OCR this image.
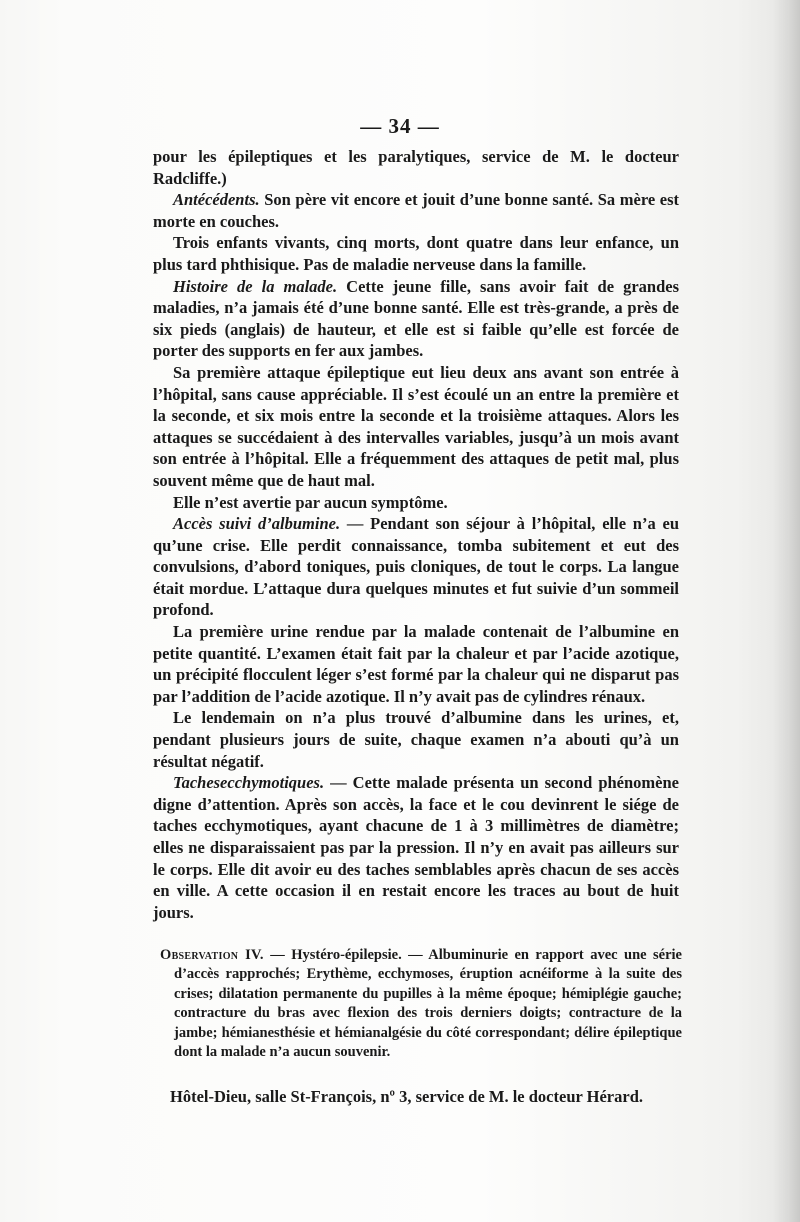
— 34 —

pour les épileptiques et les paralytiques, service de M. le docteur Radcliffe.)

Antécédents. Son père vit encore et jouit d’une bonne santé. Sa mère est morte en couches.

Trois enfants vivants, cinq morts, dont quatre dans leur enfance, un plus tard phthisique. Pas de maladie nerveuse dans la famille.

Histoire de la malade. Cette jeune fille, sans avoir fait de grandes maladies, n’a jamais été d’une bonne santé. Elle est très-grande, a près de six pieds (anglais) de hauteur, et elle est si faible qu’elle est forcée de porter des supports en fer aux jambes.

Sa première attaque épileptique eut lieu deux ans avant son entrée à l’hôpital, sans cause appréciable. Il s’est écoulé un an entre la première et la seconde, et six mois entre la seconde et la troisième attaques. Alors les attaques se succédaient à des intervalles variables, jusqu’à un mois avant son entrée à l’hôpital. Elle a fréquemment des attaques de petit mal, plus souvent même que de haut mal.

Elle n’est avertie par aucun symptôme.

Accès suivi d’albumine. — Pendant son séjour à l’hôpital, elle n’a eu qu’une crise. Elle perdit connaissance, tomba subitement et eut des convulsions, d’abord toniques, puis cloniques, de tout le corps. La langue était mordue. L’attaque dura quelques minutes et fut suivie d’un sommeil profond.

La première urine rendue par la malade contenait de l’albumine en petite quantité. L’examen était fait par la chaleur et par l’acide azotique, un précipité flocculent léger s’est formé par la chaleur qui ne disparut pas par l’addition de l’acide azotique. Il n’y avait pas de cylindres rénaux.

Le lendemain on n’a plus trouvé d’albumine dans les urines, et, pendant plusieurs jours de suite, chaque examen n’a abouti qu’à un résultat négatif.

Tachesecchymotiques. — Cette malade présenta un second phénomène digne d’attention. Après son accès, la face et le cou devinrent le siége de taches ecchymotiques, ayant chacune de 1 à 3 millimètres de diamètre; elles ne disparaissaient pas par la pression. Il n’y en avait pas ailleurs sur le corps. Elle dit avoir eu des taches semblables après chacun de ses accès en ville. A cette occasion il en restait encore les traces au bout de huit jours.

Observation IV. — Hystéro-épilepsie. — Albuminurie en rapport avec une série d’accès rapprochés; Erythème, ecchymoses, éruption acnéiforme à la suite des crises; dilatation permanente du pupilles à la même époque; hémiplégie gauche; contracture du bras avec flexion des trois derniers doigts; contracture de la jambe; hémianesthésie et hémianalgésie du côté correspondant; délire épileptique dont la malade n’a aucun souvenir.

Hôtel-Dieu, salle St-François, nº 3, service de M. le docteur Hérard.
